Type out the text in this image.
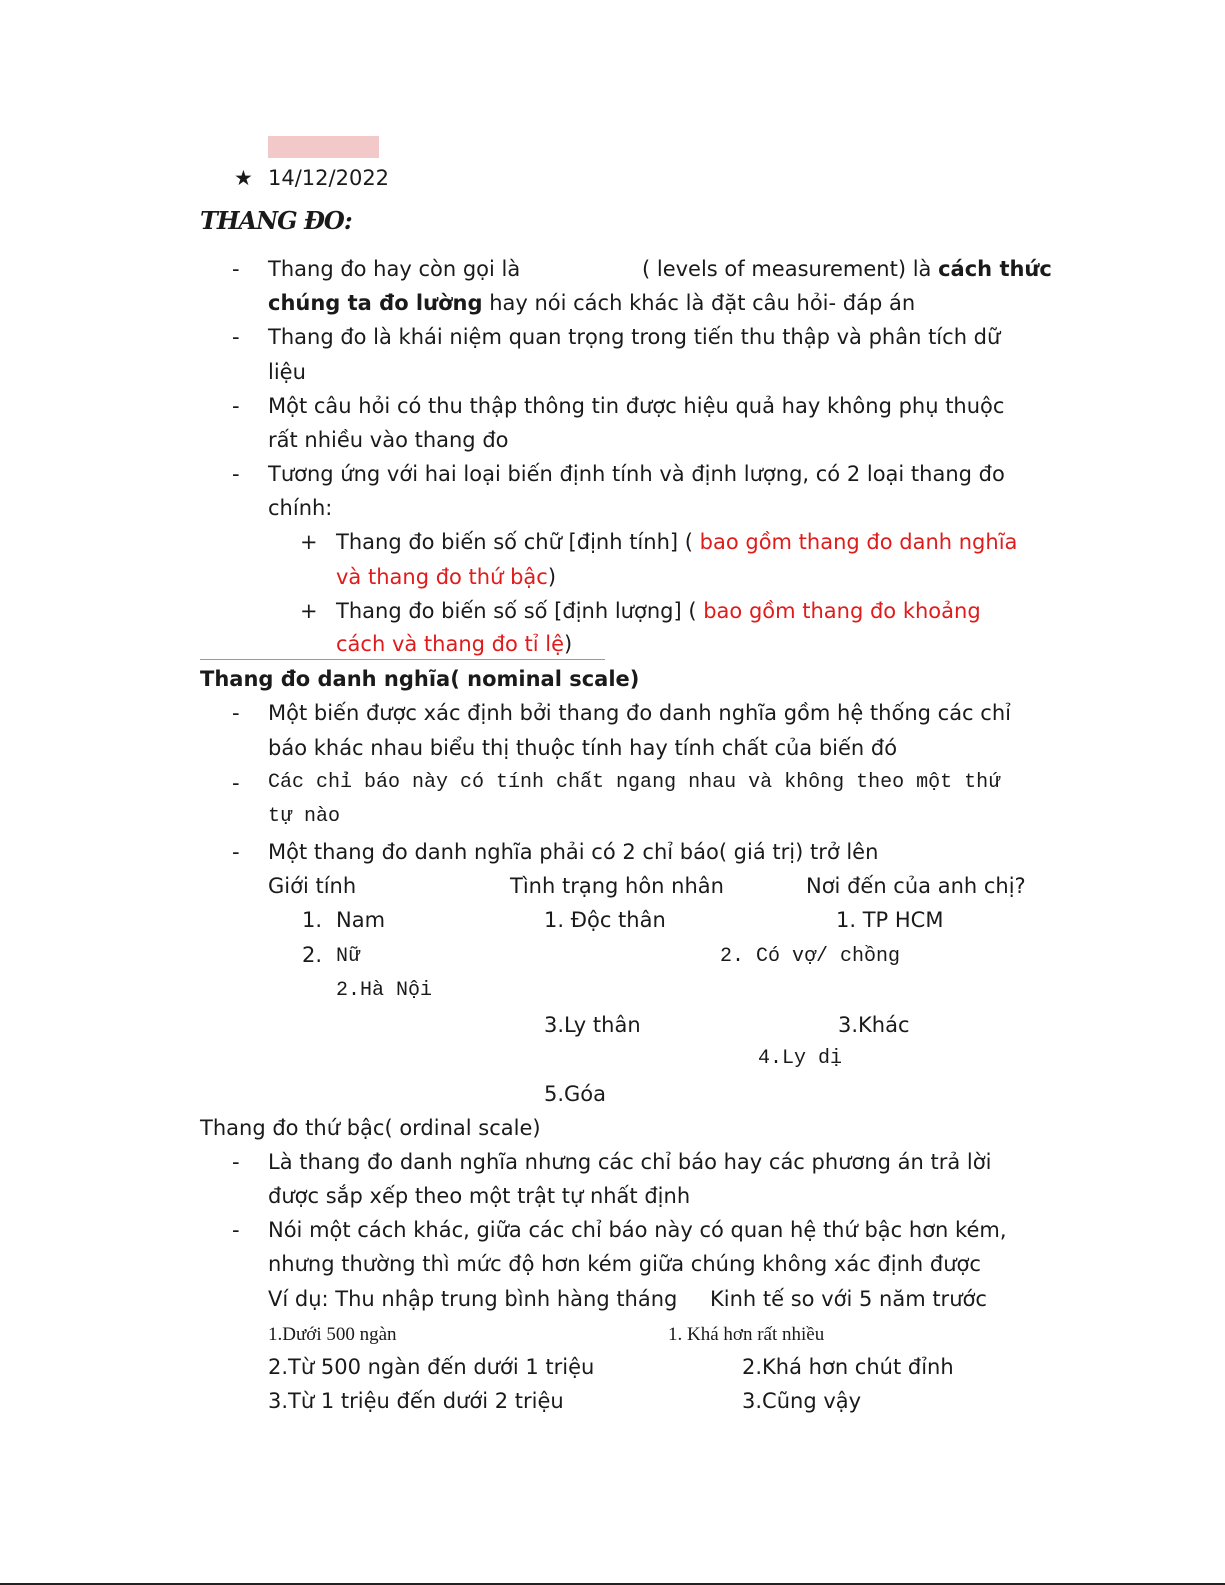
★ 14/12/2022
THANG ĐO:
- Thang đo hay còn gọi là	( levels of measurement) là cách thức
chúng ta đo lường hay nói cách khác là đặt câu hỏi- đáp án
- Thang đo là khái niệm quan trọng trong tiến thu thập và phân tích dữ
liệu
- Một câu hỏi có thu thập thông tin được hiệu quả hay không phụ thuộc
rất nhiều vào thang đo
- Tương ứng với hai loại biến định tính và định lượng, có 2 loại thang đo
chính:
+ Thang đo biến số chữ [định tính] ( bao gồm thang đo danh nghĩa
và thang đo thứ bậc)
+ Thang đo biến số số [định lượng] ( bao gồm thang đo khoảng
cách và thang đo tỉ lệ)
Thang đo danh nghĩa( nominal scale)
- Một biến được xác định bởi thang đo danh nghĩa gồm hệ thống các chỉ
báo khác nhau biểu thị thuộc tính hay tính chất của biến đó
- Các chỉ báo này có tính chất ngang nhau và không theo một thứ
tự nào
- Một thang đo danh nghĩa phải có 2 chỉ báo( giá trị) trở lên
Giới tính	Tình trạng hôn nhân	Nơi đến của anh chị?
1. Nam	1. Độc thân	1. TP HCM
2. Nữ	2. Có vợ/ chồng
2.Hà Nội
3.Ly thân	3.Khác
4.Ly dị
5.Góa
Thang đo thứ bậc( ordinal scale)
- Là thang đo danh nghĩa nhưng các chỉ báo hay các phương án trả lời
được sắp xếp theo một trật tự nhất định
- Nói một cách khác, giữa các chỉ báo này có quan hệ thứ bậc hơn kém,
nhưng thường thì mức độ hơn kém giữa chúng không xác định được
Ví dụ: Thu nhập trung bình hàng tháng Kinh tế so với 5 năm trước
1.Dưới 500 ngàn	1. Khá hơn rất nhiều
2.Từ 500 ngàn đến dưới 1 triệu	2.Khá hơn chút đỉnh
3.Từ 1 triệu đến dưới 2 triệu	3.Cũng vậy
